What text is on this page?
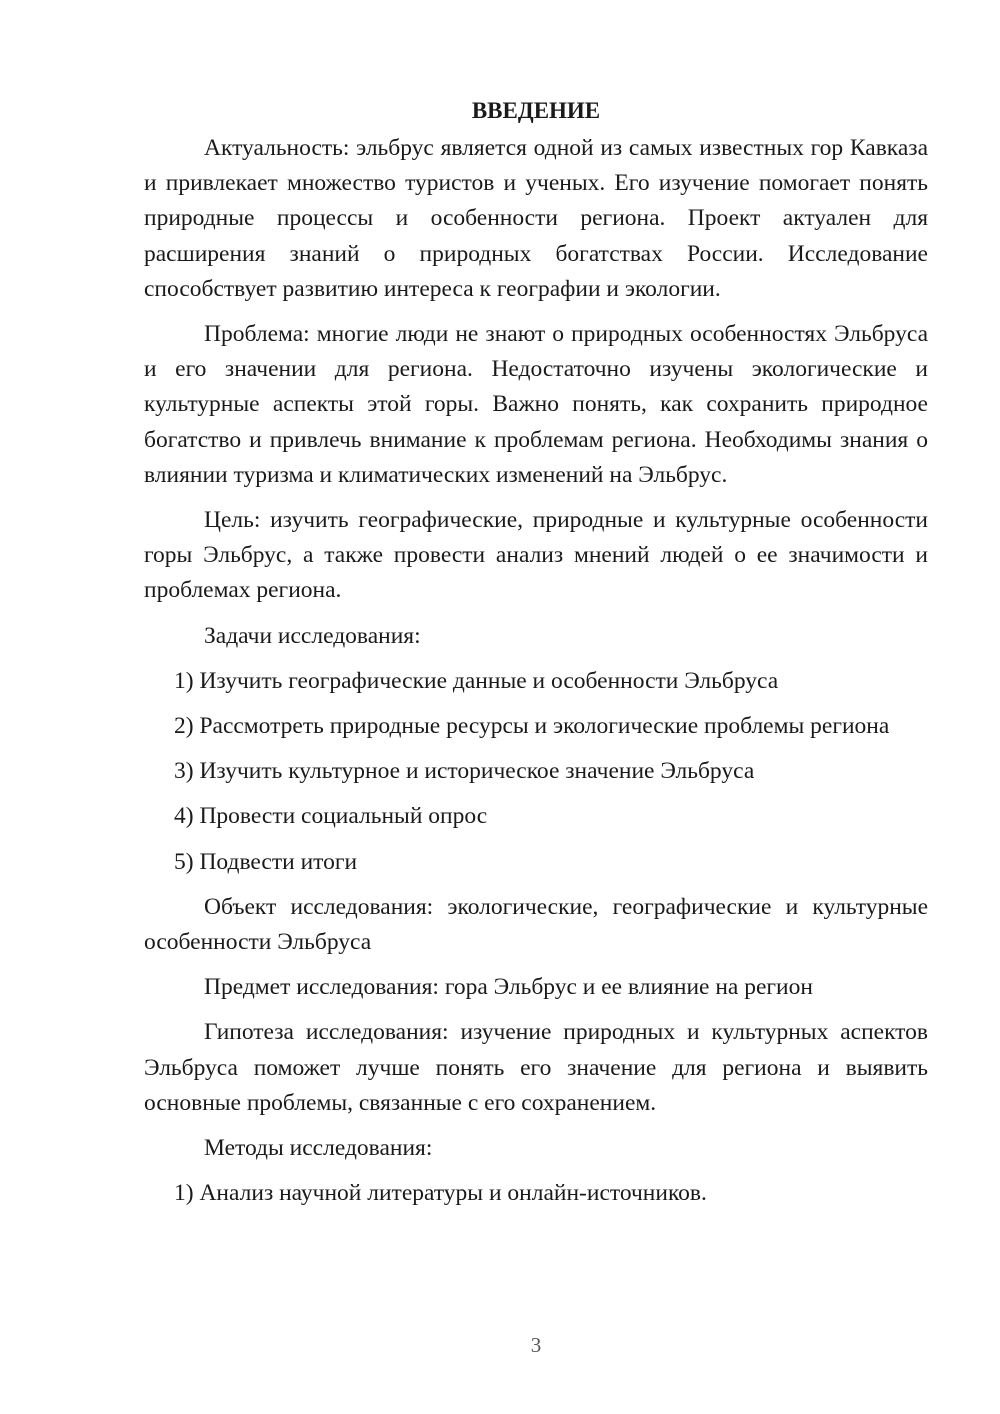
ВВЕДЕНИЕ

Актуальность: эльбрус является одной из самых известных гор Кавказа и привлекает множество туристов и ученых. Его изучение помогает понять природные процессы и особенности региона. Проект актуален для расширения знаний о природных богатствах России. Исследование способствует развитию интереса к географии и экологии.

Проблема: многие люди не знают о природных особенностях Эльбруса и его значении для региона. Недостаточно изучены экологические и культурные аспекты этой горы. Важно понять, как сохранить природное богатство и привлечь внимание к проблемам региона. Необходимы знания о влиянии туризма и климатических изменений на Эльбрус.

Цель: изучить географические, природные и культурные особенности горы Эльбрус, а также провести анализ мнений людей о ее значимости и проблемах региона.

Задачи исследования:

1) Изучить географические данные и особенности Эльбруса

2) Рассмотреть природные ресурсы и экологические проблемы региона

3) Изучить культурное и историческое значение Эльбруса

4) Провести социальный опрос

5) Подвести итоги

Объект исследования: экологические, географические и культурные особенности Эльбруса

Предмет исследования: гора Эльбрус и ее влияние на регион

Гипотеза исследования: изучение природных и культурных аспектов Эльбруса поможет лучше понять его значение для региона и выявить основные проблемы, связанные с его сохранением.

Методы исследования:

1) Анализ научной литературы и онлайн-источников.

3
